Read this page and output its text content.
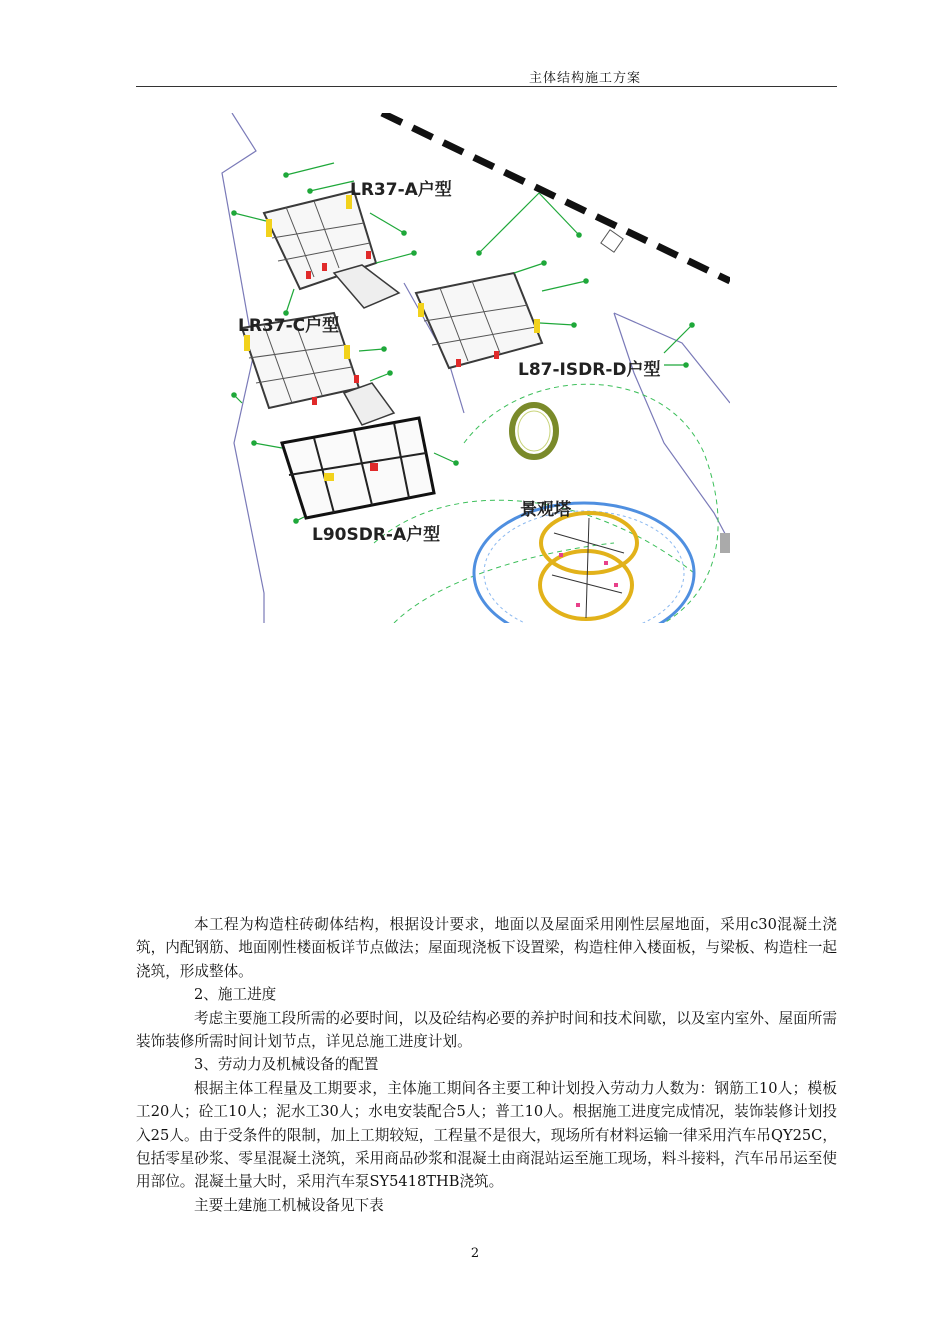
主体结构施工方案
LR37-A户型
LR37-C户型
L87-ISDR-D户型
L90SDR-A户型
景观塔

本工程为构造柱砖砌体结构，根据设计要求，地面以及屋面采用刚性层屋地面，采用c30混凝土浇筑，内配钢筋、地面刚性楼面板详节点做法；屋面现浇板下设置梁，构造柱伸入楼面板，与梁板、构造柱一起浇筑，形成整体。

2、施工进度

考虑主要施工段所需的必要时间，以及砼结构必要的养护时间和技术间歇，以及室内室外、屋面所需装饰装修所需时间计划节点，详见总施工进度计划。

3、劳动力及机械设备的配置

根据主体工程量及工期要求，主体施工期间各主要工种计划投入劳动力人数为：钢筋工10人；模板工20人；砼工10人；泥水工30人；水电安装配合5人；普工10人。根据施工进度完成情况，装饰装修计划投入25人。由于受条件的限制，加上工期较短，工程量不是很大，现场所有材料运输一律采用汽车吊QY25C，包括零星砂浆、零星混凝土浇筑，采用商品砂浆和混凝土由商混站运至施工现场，料斗接料，汽车吊吊运至使用部位。混凝土量大时，采用汽车泵SY5418THB浇筑。

主要土建施工机械设备见下表

2
